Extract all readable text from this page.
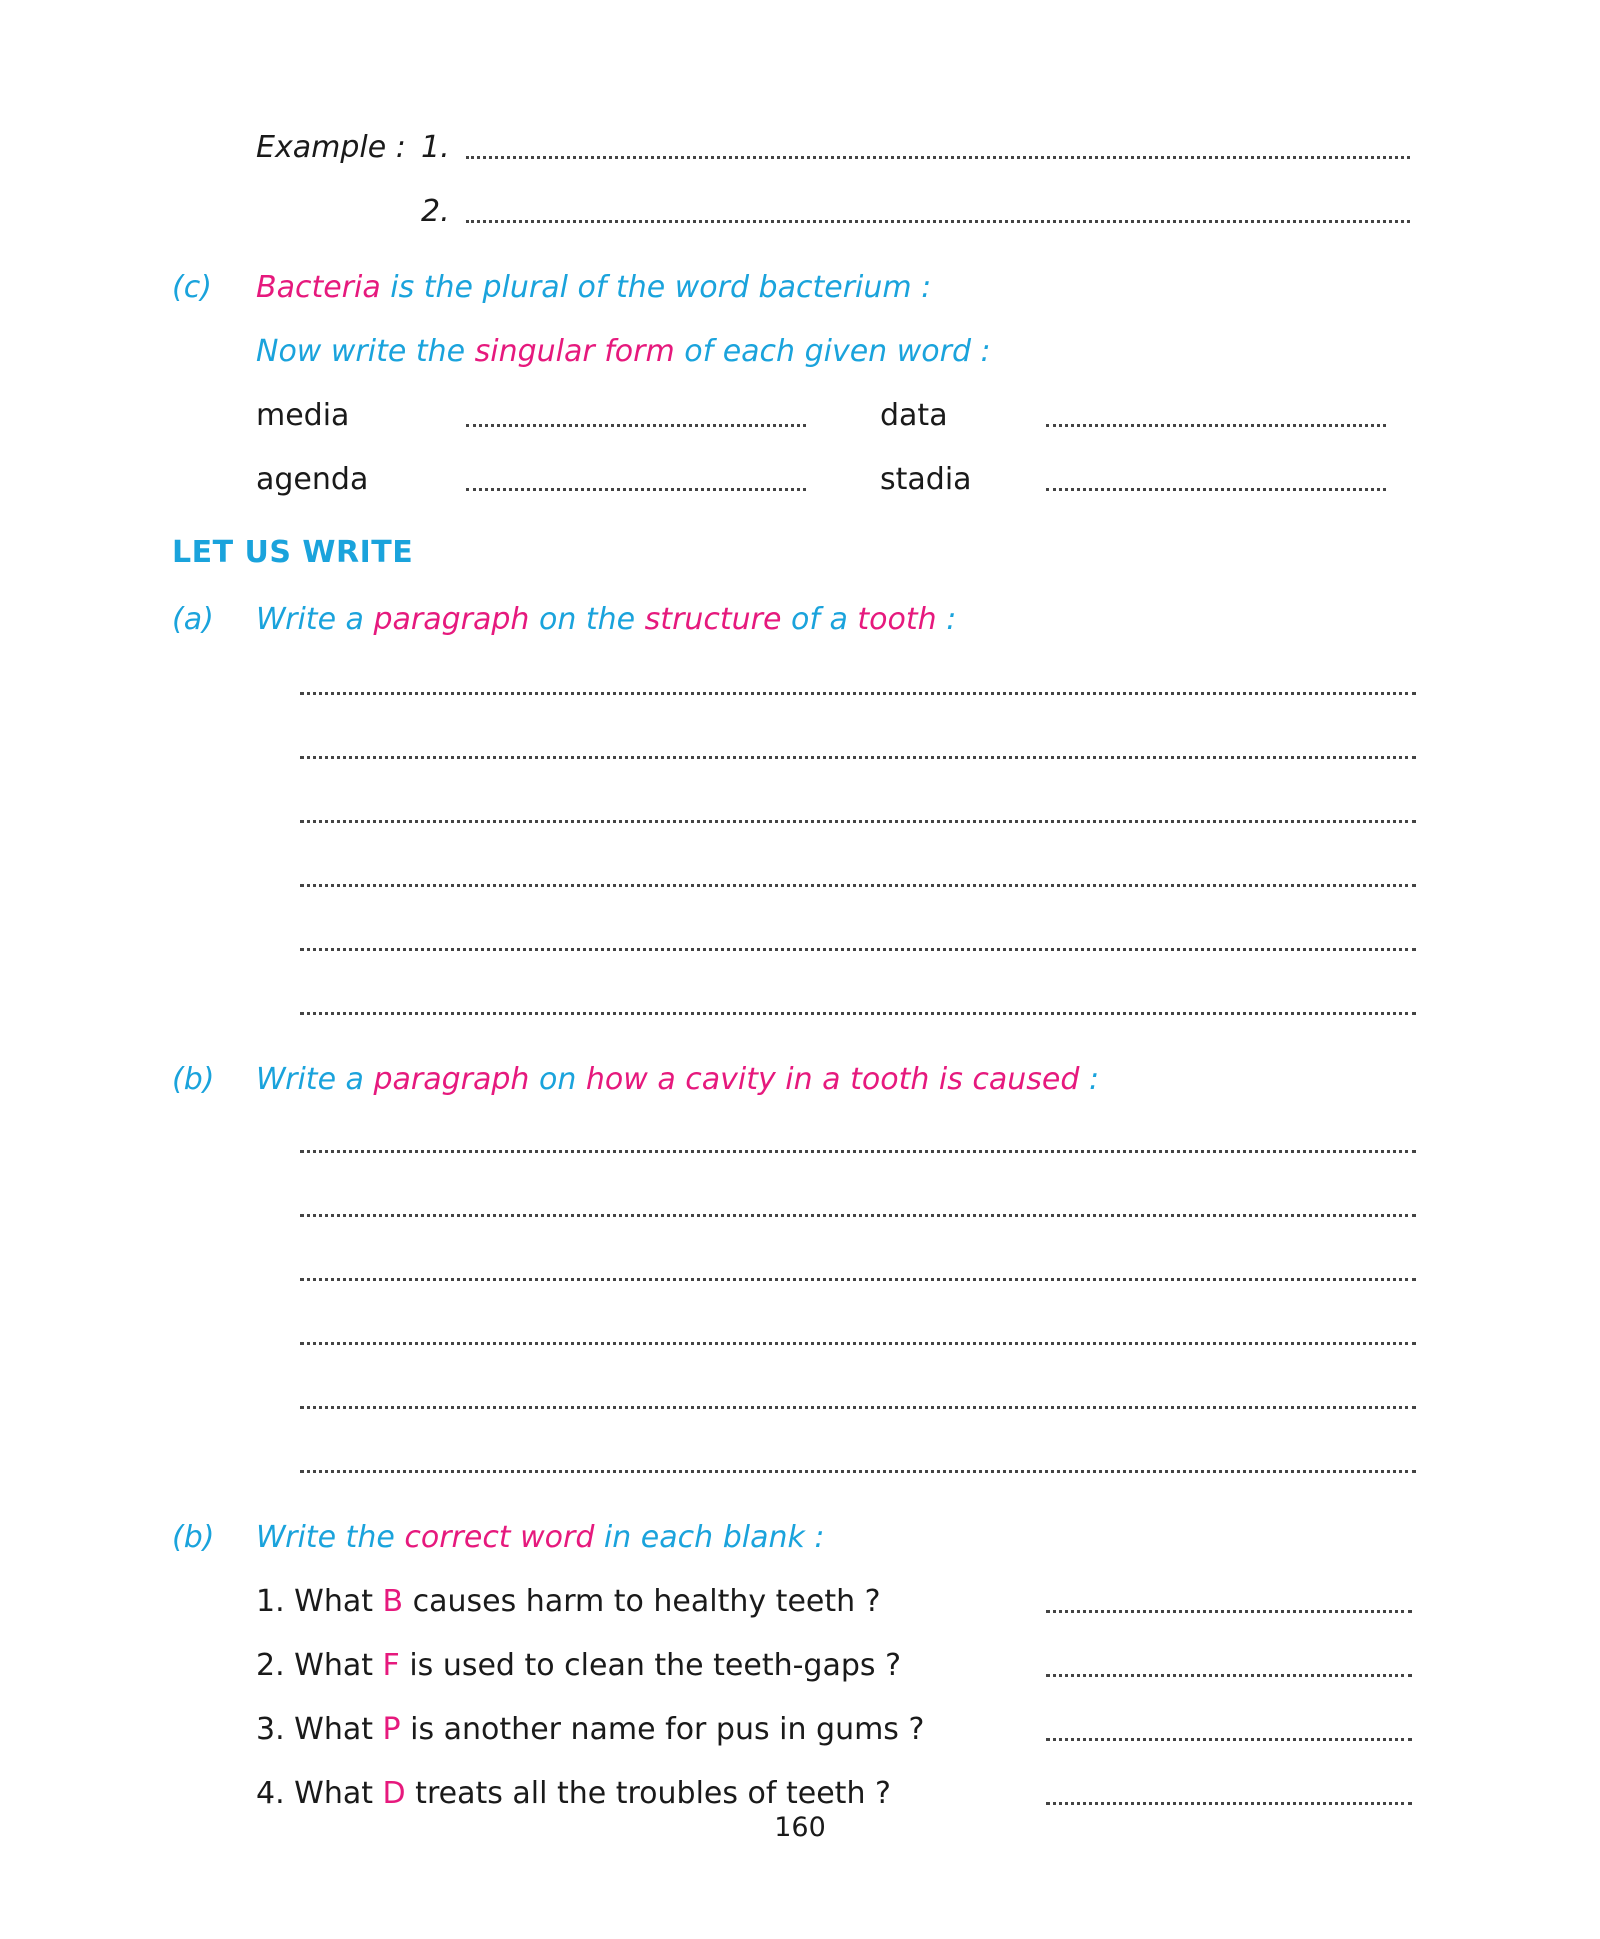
Example : 1.
2.
(c) Bacteria is the plural of the word bacterium :
Now write the singular form of each given word :
media	data
agenda	stadia
LET US WRITE
(a) Write a paragraph on the structure of a tooth :
(b) Write a paragraph on how a cavity in a tooth is caused :
(b) Write the correct word in each blank :
1. What B causes harm to healthy teeth ?
2. What F is used to clean the teeth-gaps ?
3. What P is another name for pus in gums ?
4. What D treats all the troubles of teeth ?
160
